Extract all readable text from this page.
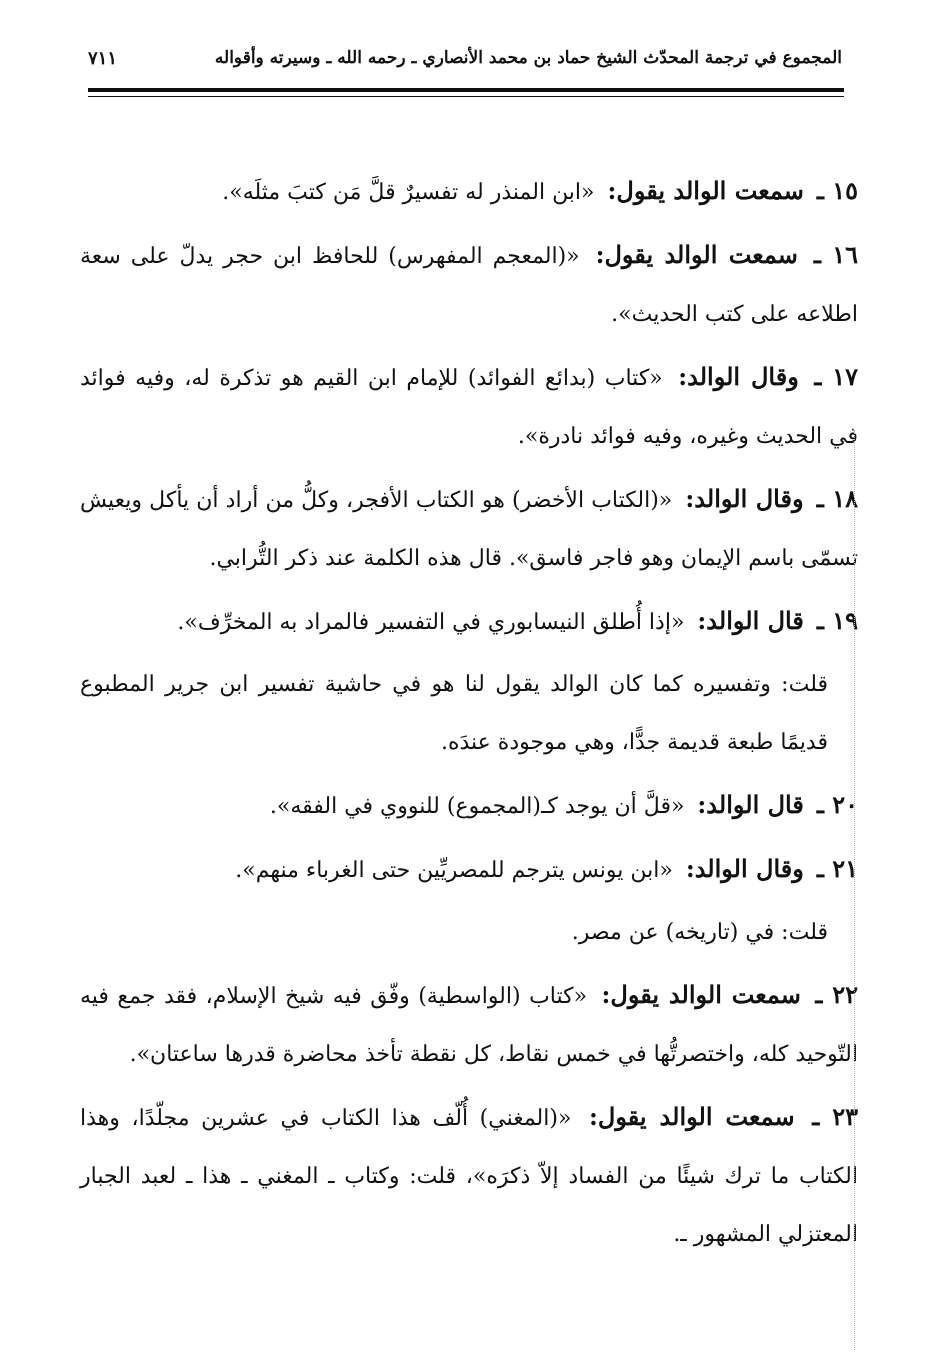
المجموع في ترجمة المحدّث الشيخ حماد بن محمد الأنصاري ـ رحمه الله ـ وسيرته وأقواله
٧١١

١٥ ـ سمعت الوالد يقول: «ابن المنذر له تفسيرٌ قلَّ مَن كتبَ مثلَه».

١٦ ـ سمعت الوالد يقول: «(المعجم المفهرس) للحافظ ابن حجر يدلّ على سعة اطلاعه على كتب الحديث».

١٧ ـ وقال الوالد: «كتاب (بدائع الفوائد) للإمام ابن القيم هو تذكرة له، وفيه فوائد في الحديث وغيره، وفيه فوائد نادرة».

١٨ ـ وقال الوالد: «(الكتاب الأخضر) هو الكتاب الأفجر، وكلُّ من أراد أن يأكل ويعيش تسمّى باسم الإيمان وهو فاجر فاسق». قال هذه الكلمة عند ذكر التُّرابي.

١٩ ـ قال الوالد: «إذا أُطلق النيسابوري في التفسير فالمراد به المخرِّف».

قلت: وتفسيره كما كان الوالد يقول لنا هو في حاشية تفسير ابن جرير المطبوع قديمًا طبعة قديمة جدًّا، وهي موجودة عندَه.

٢٠ ـ قال الوالد: «قلَّ أن يوجد كـ(المجموع) للنووي في الفقه».

٢١ ـ وقال الوالد: «ابن يونس يترجم للمصريِّين حتى الغرباء منهم».

قلت: في (تاريخه) عن مصر.

٢٢ ـ سمعت الوالد يقول: «كتاب (الواسطية) وفّق فيه شيخ الإسلام، فقد جمع فيه التّوحيد كله، واختصرتُّها في خمس نقاط، كل نقطة تأخذ محاضرة قدرها ساعتان».

٢٣ ـ سمعت الوالد يقول: «(المغني) أُلّف هذا الكتاب في عشرين مجلّدًا، وهذا الكتاب ما ترك شيئًا من الفساد إلاّ ذكرَه»، قلت: وكتاب ـ المغني ـ هذا ـ لعبد الجبار المعتزلي المشهور ـ.
